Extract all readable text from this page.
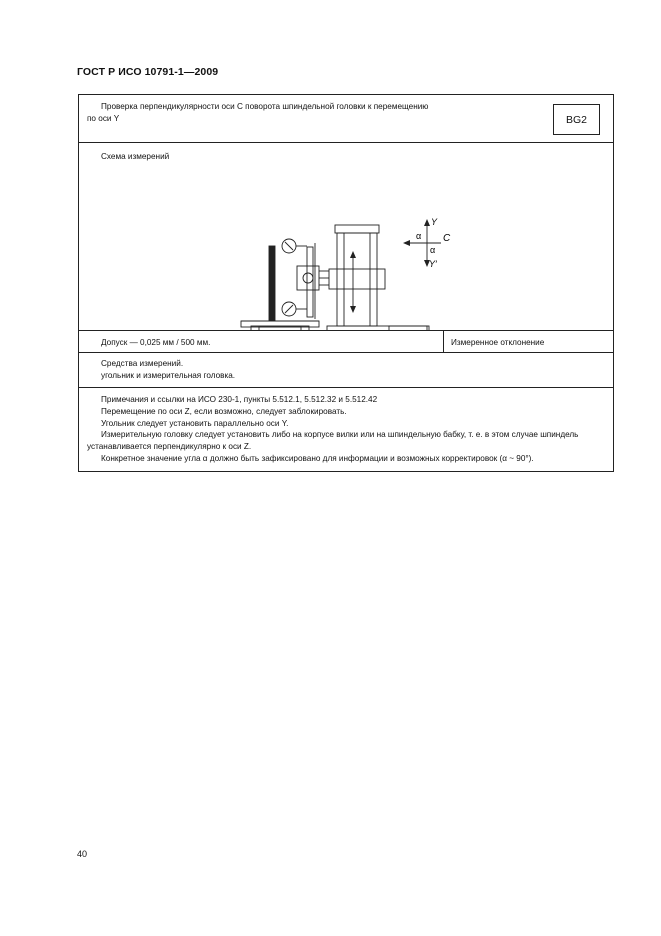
ГОСТ Р ИСО 10791-1—2009

Проверка перпендикулярности оси C поворота шпиндельной головки к перемещению

по оси Y	BG2
Схема измерений
Y
α C
α
Y′
Допуск — 0,025 мм / 500 мм.	Измеренное отклонение

Средства измерений.

угольник и измерительная головка.

Примечания и ссылки на ИСО 230-1, пункты 5.512.1, 5.512.32 и 5.512.42

Перемещение по оси Z, если возможно, следует заблокировать.

Угольник следует установить параллельно оси Y.

Измерительную головку следует установить либо на корпусе вилки или на шпиндельную бабку, т. е. в этом случае шпиндель устанавливается перпендикулярно к оси Z.

Конкретное значение угла α должно быть зафиксировано для информации и возможных корректировок (α ~ 90°).

40
